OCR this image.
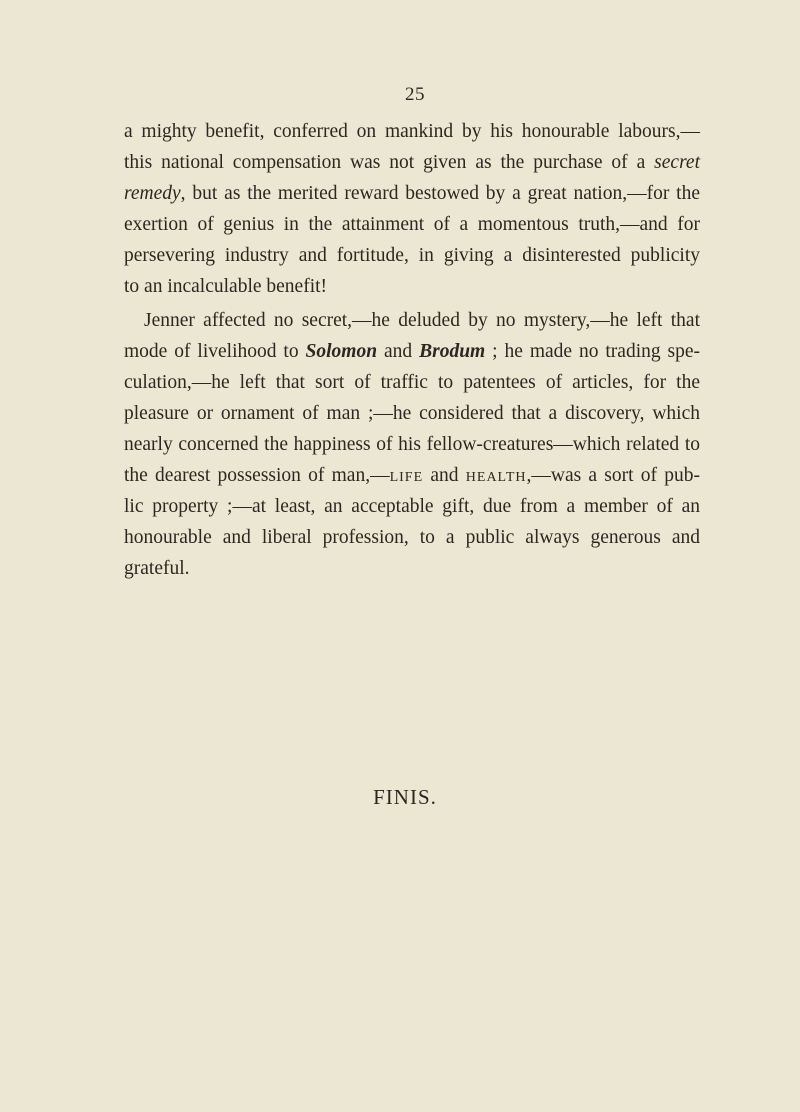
25
a mighty benefit, conferred on mankind by his honourable labours,—
this national compensation was not given as the purchase of a secret
remedy, but as the merited reward bestowed by a great nation,—for the
exertion of genius in the attainment of a momentous truth,—and for
persevering industry and fortitude, in giving a disinterested publicity
to an incalculable benefit!
Jenner affected no secret,—he deluded by no mystery,—he left that
mode of livelihood to Solomon and Brodum ; he made no trading spe-
culation,—he left that sort of traffic to patentees of articles, for the
pleasure or ornament of man ;—he considered that a discovery, which
nearly concerned the happiness of his fellow-creatures—which related to
the dearest possession of man,—life and health,—was a sort of pub-
lic property ;—at least, an acceptable gift, due from a member of an
honourable and liberal profession, to a public always generous and
grateful.
FINIS.
